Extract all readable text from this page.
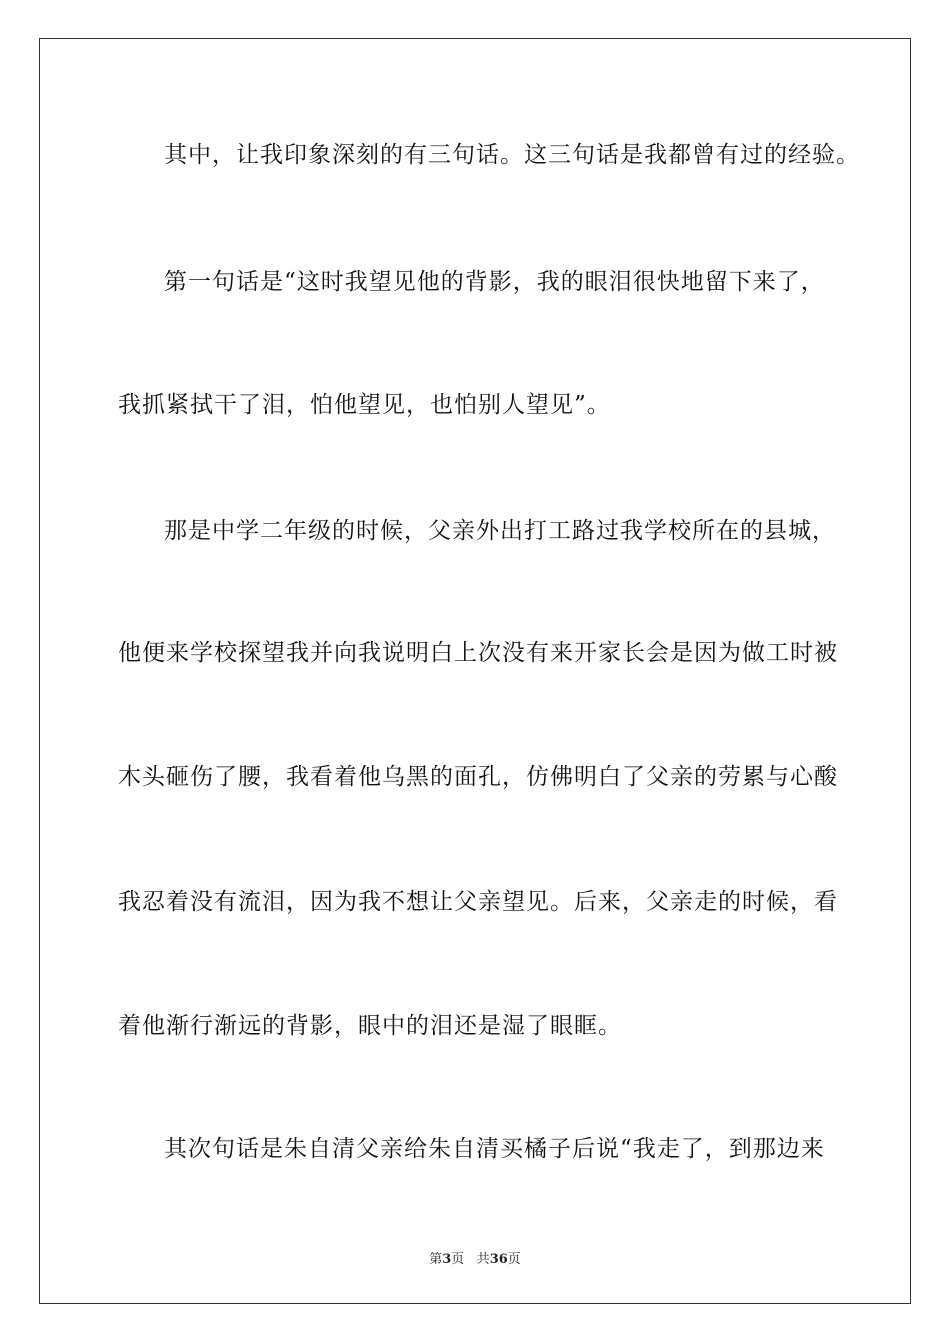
其中，让我印象深刻的有三句话。这三句话是我都曾有过的经验。
第一句话是“这时我望见他的背影，我的眼泪很快地留下来了，
我抓紧拭干了泪，怕他望见，也怕别人望见”。
那是中学二年级的时候，父亲外出打工路过我学校所在的县城，
他便来学校探望我并向我说明白上次没有来开家长会是因为做工时被
木头砸伤了腰，我看着他乌黑的面孔，仿佛明白了父亲的劳累与心酸
我忍着没有流泪，因为我不想让父亲望见。后来，父亲走的时候，看
着他渐行渐远的背影，眼中的泪还是湿了眼眶。
其次句话是朱自清父亲给朱自清买橘子后说“我走了，到那边来
第3页 共36页
